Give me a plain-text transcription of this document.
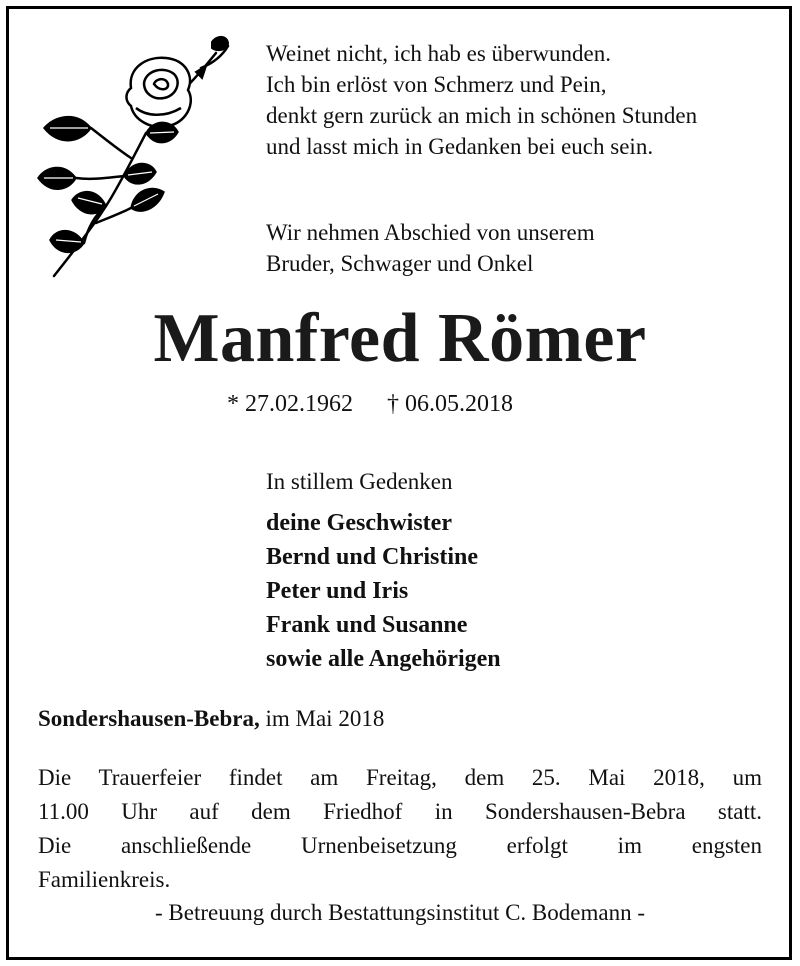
Weinet nicht, ich hab es überwunden.
Ich bin erlöst von Schmerz und Pein,
denkt gern zurück an mich in schönen Stunden
und lasst mich in Gedanken bei euch sein.
Wir nehmen Abschied von unserem
Bruder, Schwager und Onkel
Manfred Römer
* 27.02.1962 † 06.05.2018
In stillem Gedenken
deine Geschwister
Bernd und Christine
Peter und Iris
Frank und Susanne
sowie alle Angehörigen
Sondershausen-Bebra, im Mai 2018
Die Trauerfeier findet am Freitag, dem 25. Mai 2018, um
11.00 Uhr auf dem Friedhof in Sondershausen-Bebra statt.
Die anschließende Urnenbeisetzung erfolgt im engsten
Familienkreis.
- Betreuung durch Bestattungsinstitut C. Bodemann -
